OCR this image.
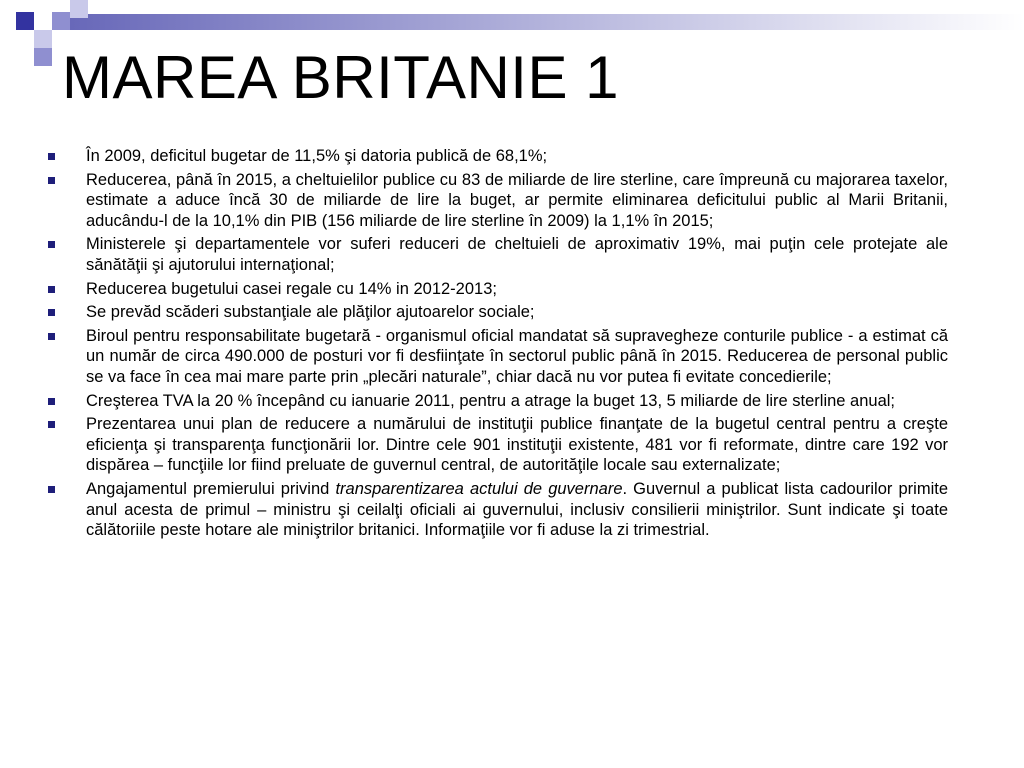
MAREA BRITANIE 1
În 2009, deficitul bugetar de 11,5% şi datoria publică de 68,1%;
Reducerea, până în 2015, a cheltuielilor publice cu 83 de miliarde de lire sterline, care împreună cu majorarea taxelor, estimate a aduce încă 30 de miliarde de lire la buget, ar permite eliminarea deficitului public al Marii Britanii, aducându-l de la 10,1% din PIB (156 miliarde de lire sterline în 2009) la 1,1% în 2015;
Ministerele şi departamentele vor suferi reduceri de cheltuieli de aproximativ 19%, mai puţin cele protejate ale sănătăţii şi ajutorului internaţional;
Reducerea bugetului casei regale cu 14% in 2012-2013;
Se prevăd scăderi substanţiale ale plăţilor ajutoarelor sociale;
Biroul pentru responsabilitate bugetară - organismul oficial mandatat să supravegheze conturile publice - a estimat că un număr de circa 490.000 de posturi vor fi desfiinţate în sectorul public până în 2015. Reducerea de personal public se va face în cea mai mare parte prin „plecări naturale”, chiar dacă nu vor putea fi evitate concedierile;
Creşterea TVA la 20 % începând cu ianuarie 2011, pentru a atrage la buget 13, 5 miliarde de lire sterline anual;
Prezentarea unui plan de reducere a numărului de instituţii publice finanţate de la bugetul central pentru a creşte eficienţa şi transparenţa funcţionării lor. Dintre cele 901 instituţii existente, 481 vor fi reformate, dintre care 192 vor dispărea – funcţiile lor fiind preluate de guvernul central, de autorităţile locale sau externalizate;
Angajamentul premierului privind transparentizarea actului de guvernare. Guvernul a publicat lista cadourilor primite anul acesta de primul – ministru şi ceilalţi oficiali ai guvernului, inclusiv consilierii miniştrilor. Sunt indicate şi toate călătoriile peste hotare ale miniştrilor britanici. Informaţiile vor fi aduse la zi trimestrial.
